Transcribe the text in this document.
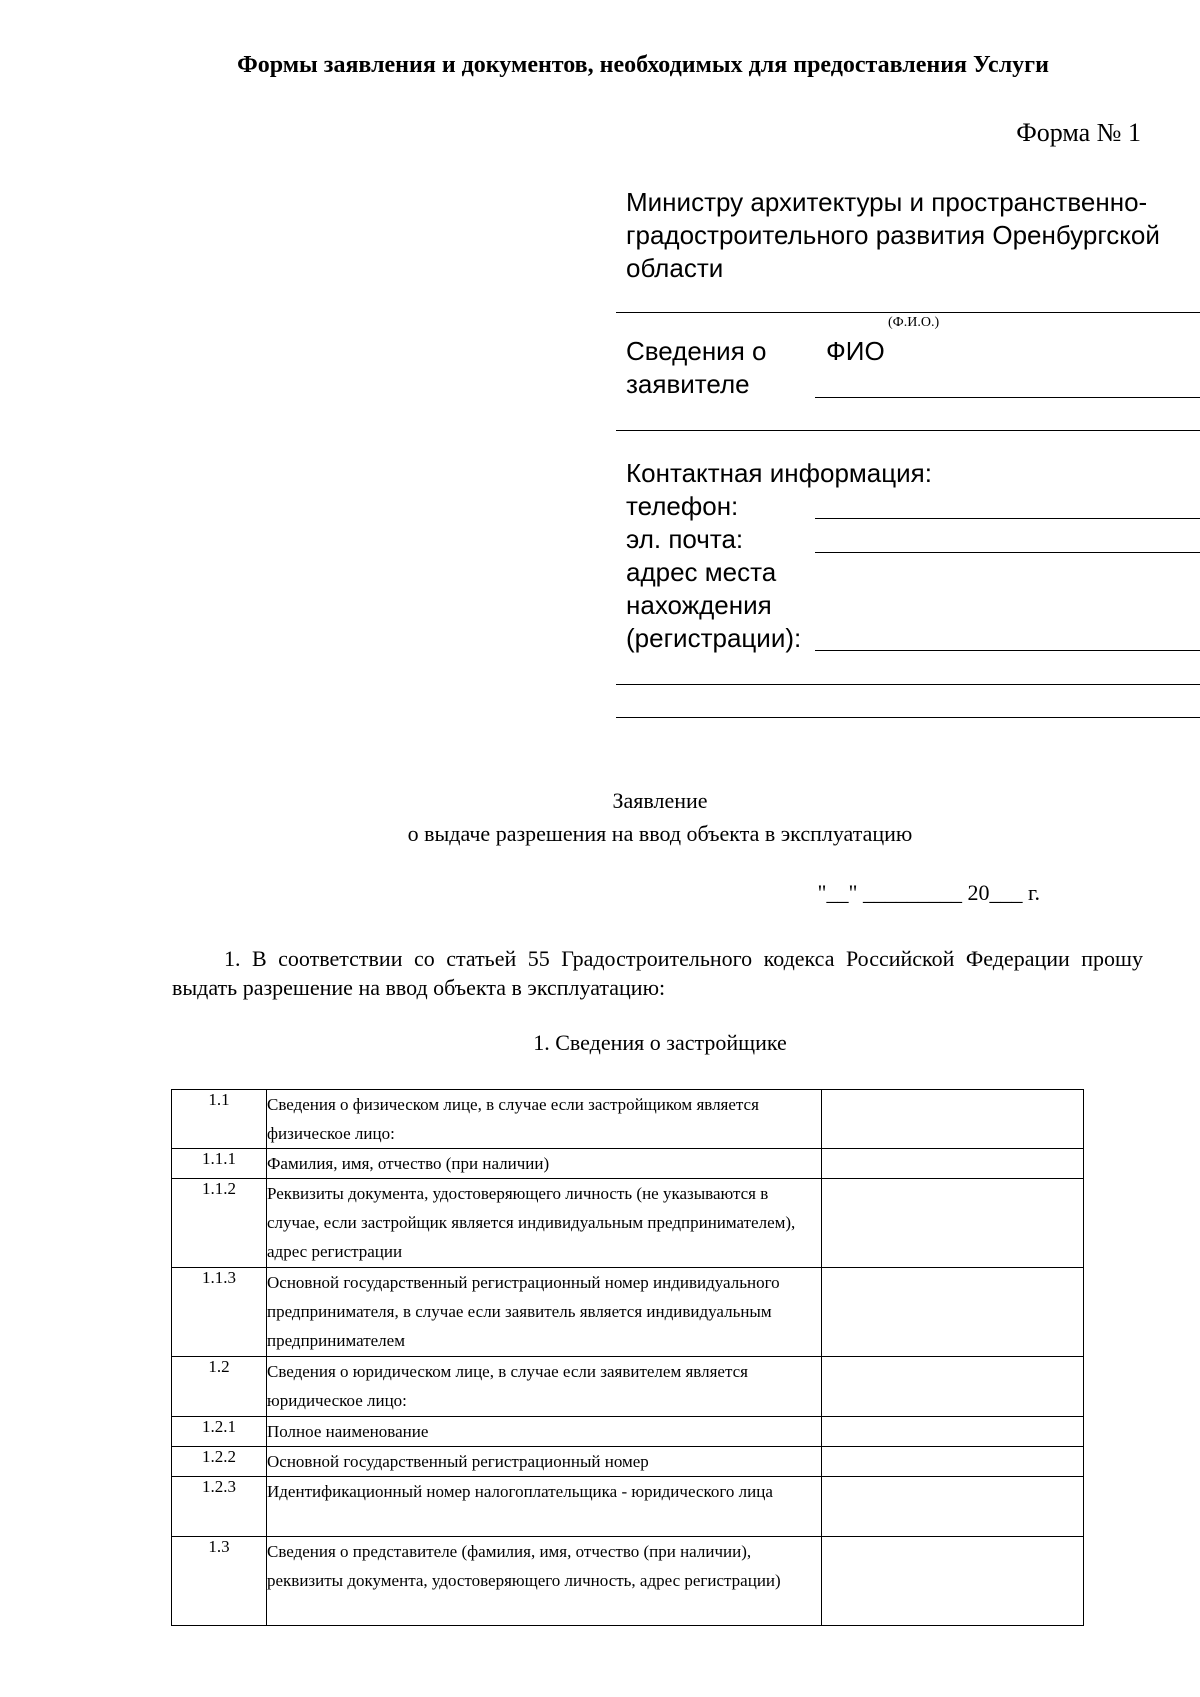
Формы заявления и документов, необходимых для предоставления Услуги
Форма № 1
Министру архитектуры и пространственно-
градостроительного развития Оренбургской
области
(Ф.И.О.)
Сведения о
заявителе
ФИО
Контактная информация:
телефон:
эл. почта:
адрес места
нахождения
(регистрации):
Заявление
о выдаче разрешения на ввод объекта в эксплуатацию
"__" _________ 20___ г.
1. В соответствии со статьей 55 Градостроительного кодекса Российской Федерации прошу выдать разрешение на ввод объекта в эксплуатацию:
1. Сведения о застройщике
1.1	Сведения о физическом лице, в случае если застройщиком является физическое лицо:	
1.1.1	Фамилия, имя, отчество (при наличии)	
1.1.2	Реквизиты документа, удостоверяющего личность (не указываются в случае, если застройщик является индивидуальным предпринимателем), адрес регистрации	
1.1.3	Основной государственный регистрационный номер индивидуального предпринимателя, в случае если заявитель является индивидуальным предпринимателем	
1.2	Сведения о юридическом лице, в случае если заявителем является юридическое лицо:	
1.2.1	Полное наименование	
1.2.2	Основной государственный регистрационный номер	
1.2.3	Идентификационный номер налогоплательщика - юридического лица	
1.3	Сведения о представителе (фамилия, имя, отчество (при наличии), реквизиты документа, удостоверяющего личность, адрес регистрации)	
